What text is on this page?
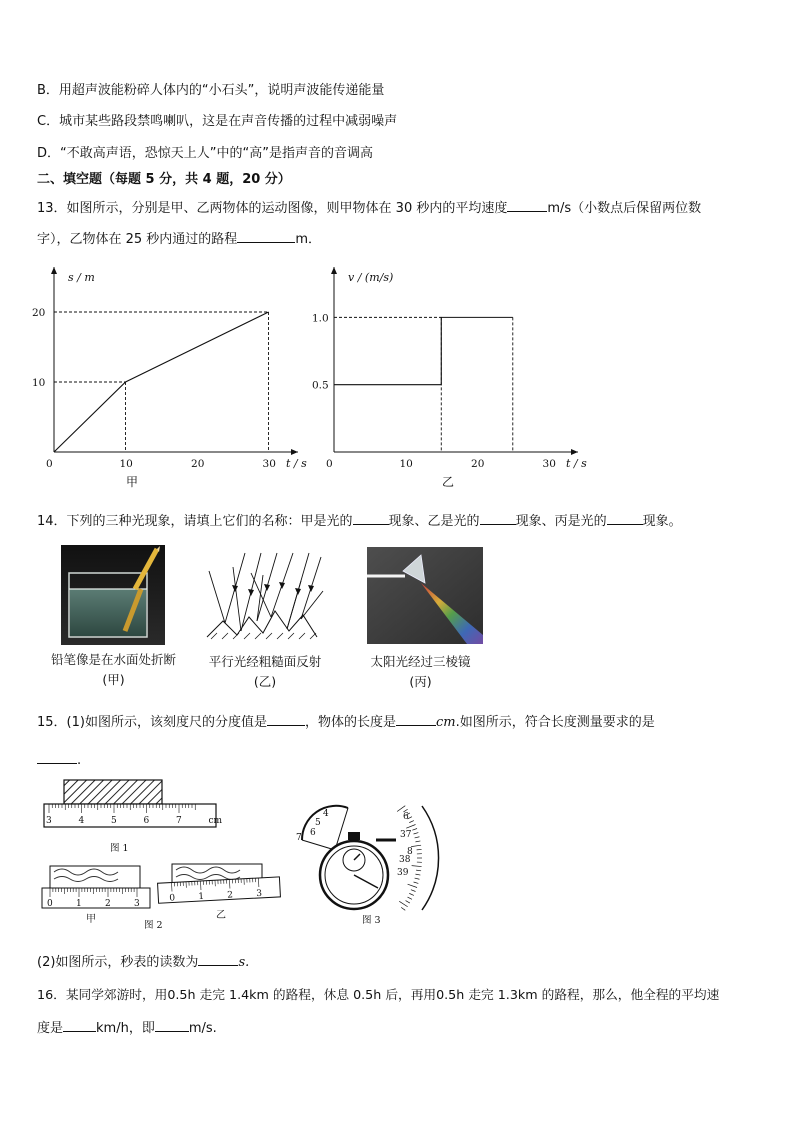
B．用超声波能粉碎人体内的“小石头”，说明声波能传递能量
C．城市某些路段禁鸣喇叭，这是在声音传播的过程中减弱噪声
D．“不敢高声语，恐惊天上人”中的“高”是指声音的音调高
二、填空题（每题 5 分，共 4 题，20 分）
13．如图所示，分别是甲、乙两物体的运动图像，则甲物体在 30 秒内的平均速度	m/s（小数点后保留两位数
字），乙物体在 25 秒内通过的路程	m．
s / m
t / s
0	10	20	30
10
20
甲
v / (m/s)
t / s
0	10	20	30
0.5
1.0
乙
14．下列的三种光现象，请填上它们的名称：甲是光的	现象、乙是光的	现象、丙是光的	现象。
铅笔像是在水面处折断
(甲)
平行光经粗糙面反射
(乙)
太阳光经过三棱镜
(丙)
15．(1)如图所示，该刻度尺的分度值是	，物体的长度是	cm.如图所示，符合长度测量要求的是
.
3	4	5	6	7	cm
图 1
0	1	2	3
甲
0	1	2	3
乙
图 2
4
5
6
7
6
37
8
38
39
图 3
(2)如图所示，秒表的读数为	s.
16．某同学郊游时，用0.5h 走完 1.4km 的路程，休息 0.5h 后，再用0.5h 走完 1.3km 的路程，那么，他全程的平均速
度是	km/h，即	m/s.
